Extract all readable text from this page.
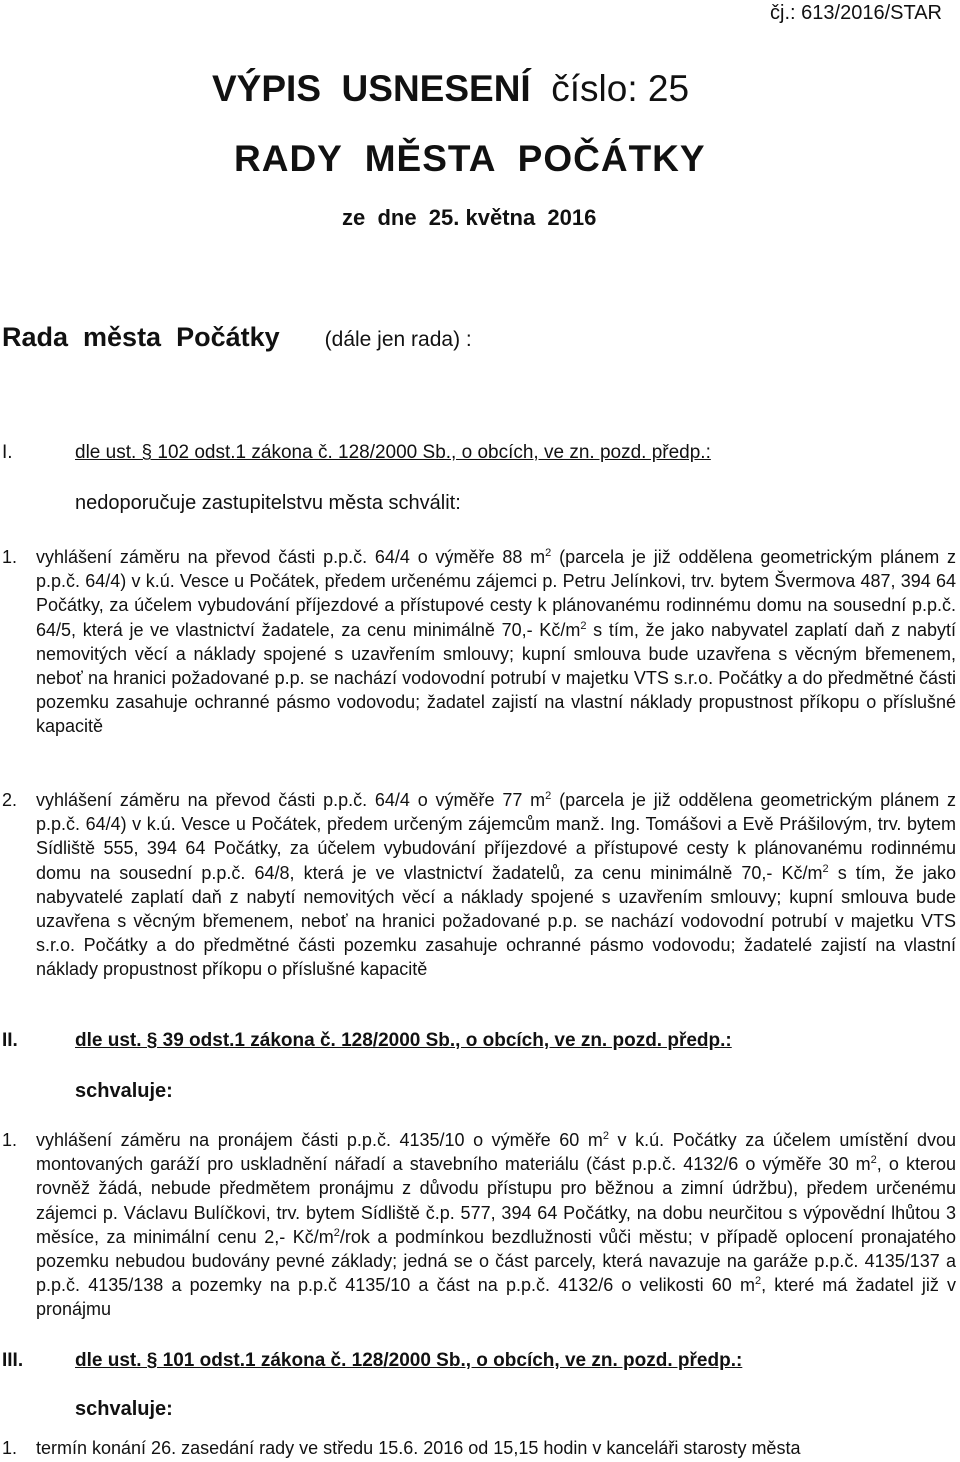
čj.: 613/2016/STAR
VÝPIS  USNESENÍ číslo: 25
RADY  MĚSTA  POČÁTKY
ze  dne  25. května  2016
Rada  města  Počátky (dále jen rada) :
I.	dle ust. § 102 odst.1 zákona č. 128/2000 Sb., o obcích, ve zn. pozd. předp.:
nedoporučuje zastupitelstvu města schválit:
1. vyhlášení záměru na převod části p.p.č. 64/4 o výměře 88 $m^2$ (parcela je již oddělena geometrickým plánem z p.p.č. 64/4) v k.ú. Vesce u Počátek, předem určenému zájemci p. Petru Jelínkovi, trv. bytem Švermova 487, 394 64 Počátky, za účelem vybudování příjezdové a přístupové cesty k plánovanému rodinnému domu na sousední p.p.č. 64/5, která je ve vlastnictví žadatele, za cenu minimálně 70,- $Kč/m^2$ s tím, že jako nabyvatel zaplatí daň z nabytí nemovitých věcí a náklady spojené s uzavřením smlouvy; kupní smlouva bude uzavřena s věcným břemenem, neboť na hranici požadované p.p. se nachází vodovodní potrubí v majetku VTS s.r.o. Počátky a do předmětné části pozemku zasahuje ochranné pásmo vodovodu; žadatel zajistí na vlastní náklady propustnost příkopu o příslušné kapacitě
2. vyhlášení záměru na převod části p.p.č. 64/4 o výměře 77 $m^2$ (parcela je již oddělena geometrickým plánem z p.p.č. 64/4) v k.ú. Vesce u Počátek, předem určeným zájemcům manž. Ing. Tomášovi a Evě Prášilovým, trv. bytem Sídliště 555, 394 64 Počátky, za účelem vybudování příjezdové a přístupové cesty k plánovanému rodinnému domu na sousední p.p.č. 64/8, která je ve vlastnictví žadatelů, za cenu minimálně 70,- $Kč/m^2$ s tím, že jako nabyvatelé zaplatí daň z nabytí nemovitých věcí a náklady spojené s uzavřením smlouvy; kupní smlouva bude uzavřena s věcným břemenem, neboť na hranici požadované p.p. se nachází vodovodní potrubí v majetku VTS s.r.o. Počátky a do předmětné části pozemku zasahuje ochranné pásmo vodovodu; žadatelé zajistí na vlastní náklady propustnost příkopu o příslušné kapacitě
II.	dle ust. § 39 odst.1 zákona č. 128/2000 Sb., o obcích, ve zn. pozd. předp.:
schvaluje:
1. vyhlášení záměru na pronájem části p.p.č. 4135/10 o výměře 60 $m^2$ v k.ú. Počátky za účelem umístění dvou montovaných garáží pro uskladnění nářadí a stavebního materiálu (část p.p.č. 4132/6 o výměře 30 $m^2$, o kterou rovněž žádá, nebude předmětem pronájmu z důvodu přístupu pro běžnou a zimní údržbu), předem určenému zájemci p. Václavu Bulíčkovi, trv. bytem Sídliště č.p. 577, 394 64 Počátky, na dobu neurčitou s výpovědní lhůtou 3 měsíce, za minimální cenu 2,- $Kč/m^2$/rok a podmínkou bezdlužnosti vůči městu; v případě oplocení pronajatého pozemku nebudou budovány pevné základy; jedná se o část parcely, která navazuje na garáže p.p.č. 4135/137 a p.p.č. 4135/138 a pozemky na p.p.č 4135/10 a část na p.p.č. 4132/6 o velikosti 60 $m^2$, které má žadatel již v pronájmu
III.	dle ust. § 101 odst.1 zákona č. 128/2000 Sb., o obcích, ve zn. pozd. předp.:
schvaluje:
1. termín konání 26. zasedání rady ve středu 15.6. 2016 od 15,15 hodin v kanceláři starosty města
